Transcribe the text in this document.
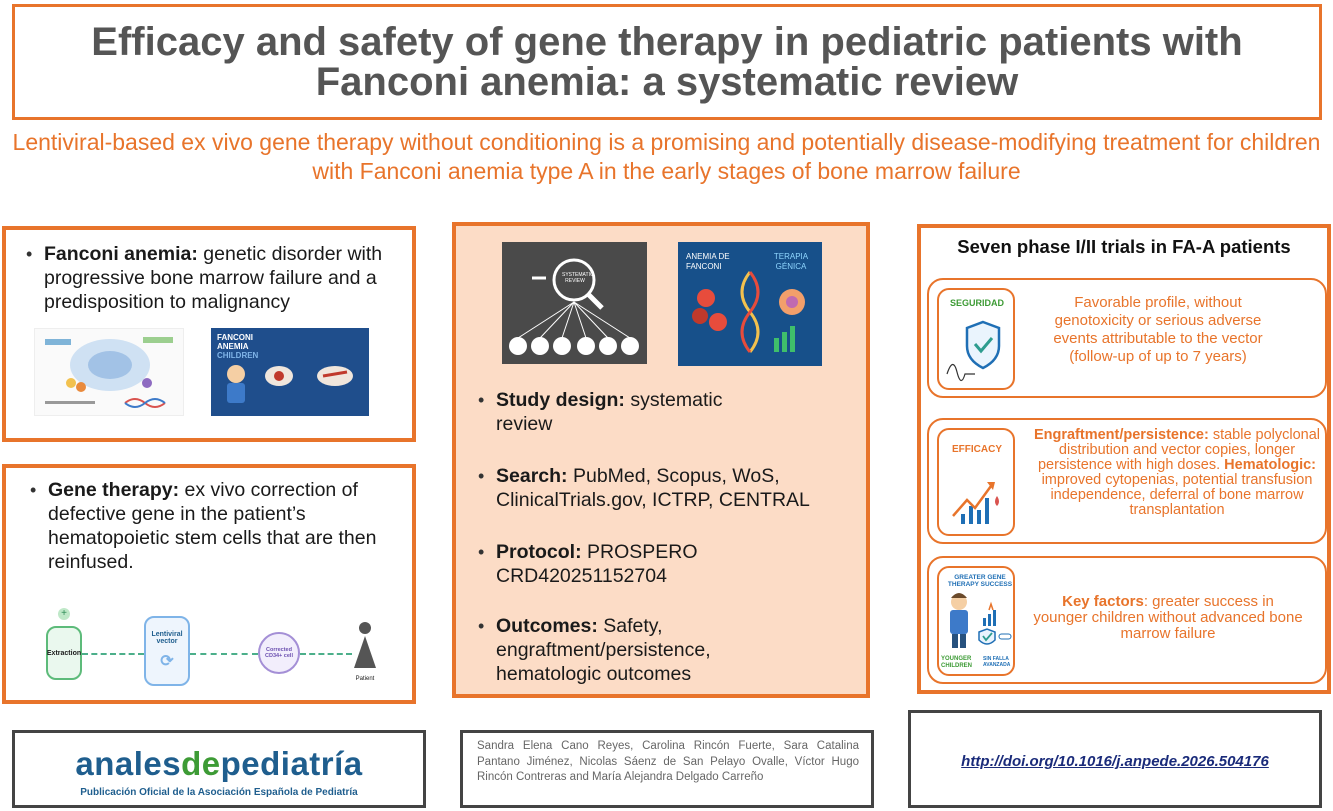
Efficacy and safety of gene therapy in pediatric patients with Fanconi anemia: a systematic review
Lentiviral-based ex vivo gene therapy without conditioning is a promising and potentially disease-modifying treatment for children with Fanconi anemia type A in the early stages of bone marrow failure
• Fanconi anemia: genetic disorder with progressive bone marrow failure and a predisposition to malignancy
FANCONI
ANEMIA
CHILDREN
• Gene therapy: ex vivo correction of defective gene in the patient’s hematopoietic stem cells that are then reinfused.
+
Extraction
Lentiviral vector
⟳
Corrected CD34+ cell
Patient
SYSTEMATIC REVIEW
ANEMIA DE FANCONI
TERAPIA GÉNICA
• Study design: systematic review
• Search: PubMed, Scopus, WoS, ClinicalTrials.gov, ICTRP, CENTRAL
• Protocol: PROSPERO CRD420251152704
• Outcomes: Safety, engraftment/persistence, hematologic outcomes
Seven phase I/II trials in FA-A patients
SEGURIDAD	Favorable profile, without genotoxicity or serious adverse events attributable to the vector (follow-up of up to 7 years)
EFFICACY
Engraftment/persistence: stable polyclonal distribution and vector copies, longer persistence with high doses. Hematologic: improved cytopenias, potential transfusion independence, deferral of bone marrow transplantation
GREATER GENE THERAPY SUCCESS
YOUNGER CHILDREN
SIN FALLA AVANZADA
Key factors: greater success in younger children without advanced bone marrow failure
analesdepediatría
Publicación Oficial de la Asociación Española de Pediatría
Sandra Elena Cano Reyes, Carolina Rincón Fuerte, Sara Catalina Pantano Jiménez, Nicolas Sáenz de San Pelayo Ovalle, Víctor Hugo Rincón Contreras and María Alejandra Delgado Carreño
http://doi.org/10.1016/j.anpede.2026.504176
